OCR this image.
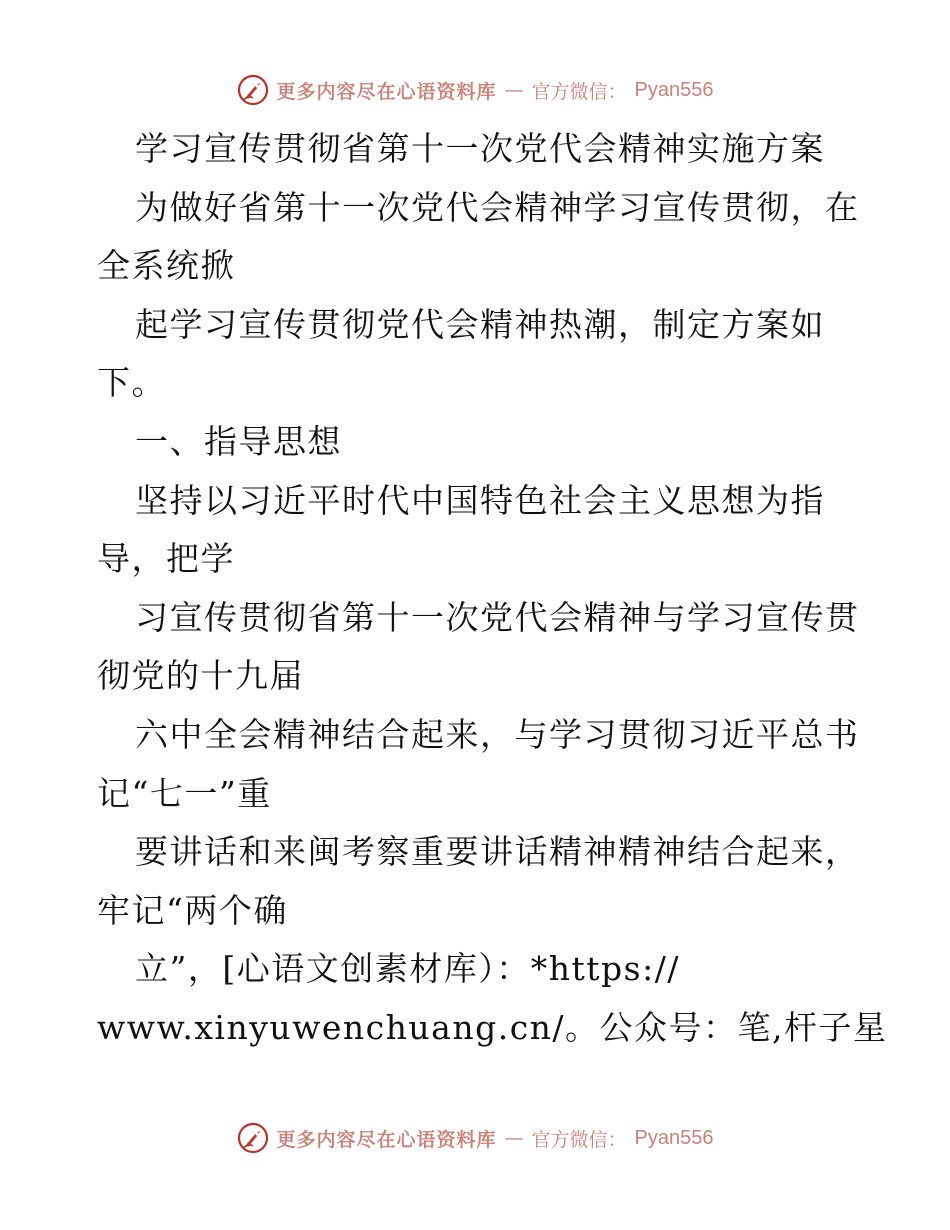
更多内容尽在心语资料库 — 官方微信： Pyan556
学习宣传贯彻省第十一次党代会精神实施方案
为做好省第十一次党代会精神学习宣传贯彻，在
全系统掀
起学习宣传贯彻党代会精神热潮，制定方案如
下。
一、指导思想
坚持以习近平时代中国特色社会主义思想为指
导，把学
习宣传贯彻省第十一次党代会精神与学习宣传贯
彻党的十九届
六中全会精神结合起来，与学习贯彻习近平总书
记“七一”重
要讲话和来闽考察重要讲话精神精神结合起来，
牢记“两个确
立”，[心语文创素材库）：*https://
www.xinyuwenchuang.cn/。公众号：笔,杆子星
更多内容尽在心语资料库 — 官方微信： Pyan556
